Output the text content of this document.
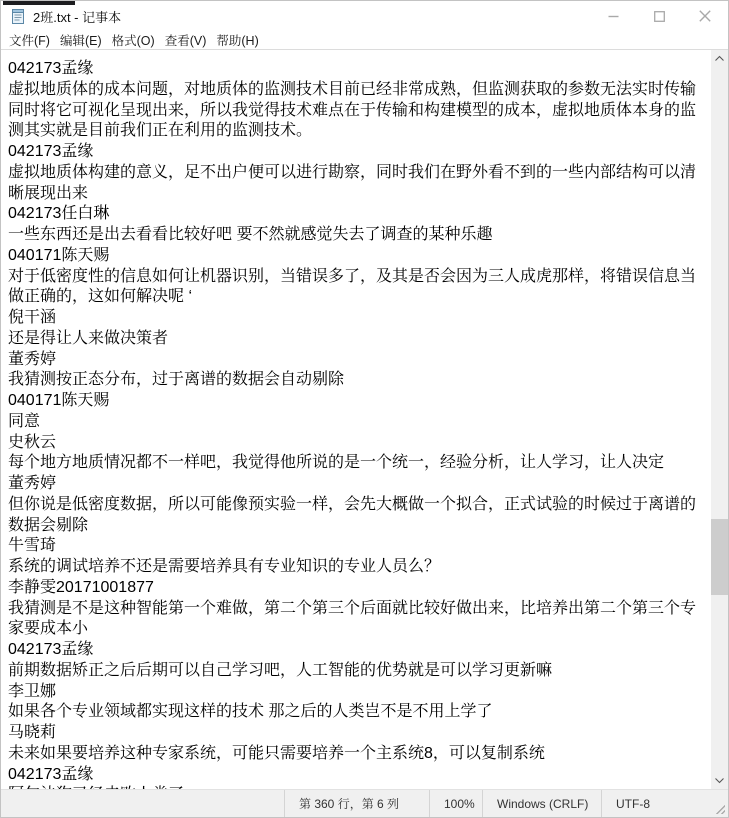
2班.txt - 记事本
文件(F) 编辑(E) 格式(O) 查看(V) 帮助(H)
042173孟缘
虚拟地质体的成本问题，对地质体的监测技术目前已经非常成熟，但监测获取的参数无法实时传输
同时将它可视化呈现出来，所以我觉得技术难点在于传输和构建模型的成本，虚拟地质体本身的监
测其实就是目前我们正在利用的监测技术。
042173孟缘
虚拟地质体构建的意义，足不出户便可以进行勘察，同时我们在野外看不到的一些内部结构可以清
晰展现出来
042173任白琳
一些东西还是出去看看比较好吧 要不然就感觉失去了调查的某种乐趣
040171陈天赐
对于低密度性的信息如何让机器识别，当错误多了，及其是否会因为三人成虎那样，将错误信息当
做正确的，这如何解决呢 ‘
倪干涵
还是得让人来做决策者
董秀婷
我猜测按正态分布，过于离谱的数据会自动剔除
040171陈天赐
同意
史秋云
每个地方地质情况都不一样吧，我觉得他所说的是一个统一，经验分析，让人学习，让人决定
董秀婷
但你说是低密度数据，所以可能像预实验一样，会先大概做一个拟合，正式试验的时候过于离谱的
数据会剔除
牛雪琦
系统的调试培养不还是需要培养具有专业知识的专业人员么？
李静雯20171001877
我猜测是不是这种智能第一个难做，第二个第三个后面就比较好做出来，比培养出第二个第三个专
家要成本小
042173孟缘
前期数据矫正之后后期可以自己学习吧，人工智能的优势就是可以学习更新嘛
李卫娜
如果各个专业领域都实现这样的技术 那之后的人类岂不是不用上学了
马晓莉
未来如果要培养这种专家系统，可能只需要培养一个主系统8，可以复制系统
042173孟缘
第 360 行，第 6 列	100%	Windows (CRLF)	UTF-8
